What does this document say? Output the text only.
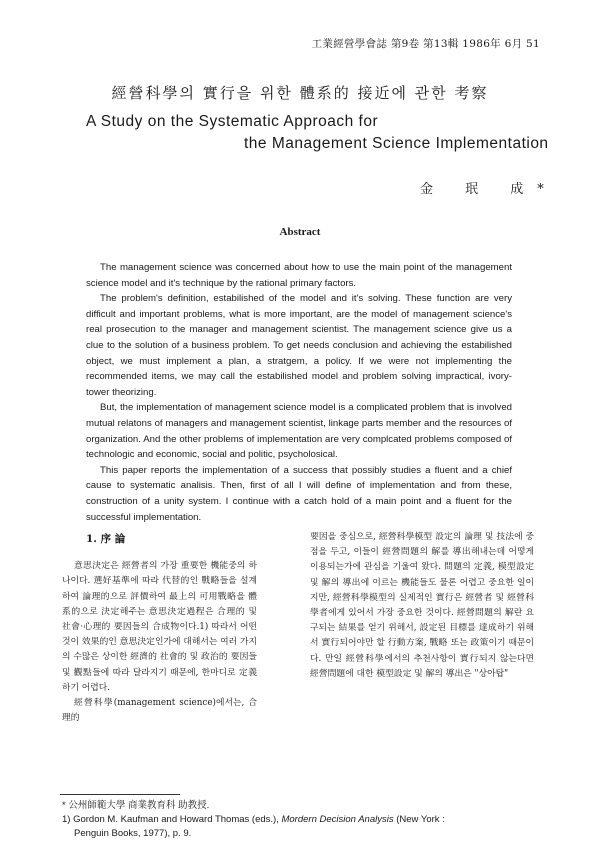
工業經營學會誌 第9卷 第13輯 1986年 6月 51
經營科學의 實行을 위한 體系的 接近에 관한 考察
A Study on the Systematic Approach for
the Management Science Implementation
金 珉 成*
Abstract

The management science was concerned about how to use the main point of the management science model and it's technique by the rational primary factors.

The problem's definition, estabilished of the model and it's solving. These function are very difficult and important problems, what is more important, are the model of management science's real prosecution to the manager and management scientist. The management science give us a clue to the solution of a business problem. To get needs conclusion and achieving the estabilished object, we must implement a plan, a stratgem, a policy. If we were not implementing the recommended items, we may call the estabilished model and problem solving impractical, ivory-tower theorizing.

But, the implementation of management science model is a complicated problem that is involved mutual relatons of managers and management scientist, linkage parts member and the resources of organization. And the other problems of implementation are very complcated problems composed of technologic and economic, social and politic, psycholosical.

This paper reports the implementation of a success that possibly studies a fluent and a chief cause to systematic analisis. Then, first of all I will define of implementation and from these, construction of a unity system. I continue with a catch hold of a main point and a fluent for the successful implementation.

1. 序 論

意思決定은 經營者의 가장 重要한 機能중의 하나이다. 選好基準에 따라 代替的인 戰略들을 설계하여 論理的으로 評價하여 最上의 可用戰略을 體系的으로 決定해주는 意思決定過程은 合理的 및 社會·心理的 要因들의 合成物이다.1) 따라서 어떤 것이 效果的인 意思決定인가에 대해서는 여러 가지의 수많은 상이한 經濟的 社會的 및 政治的 要因들 및 觀點들에 따라 달라지기 때문에, 한마디로 定義하기 어렵다.

經營科學(management science)에서는, 合理的

要因을 중심으로, 經營科學模型 設定의 論理 및 技法에 중점을 두고, 이들이 經營問題의 解를 導出해내는데 어떻게 이용되는가에 관심을 기울여 왔다. 問題의 定義, 模型設定 및 解의 導出에 이르는 機能들도 물론 어렵고 중요한 일이지만, 經營科學模型의 실제적인 實行은 經營者 및 經營科學者에게 있어서 가장 중요한 것이다. 經營問題의 解란 요구되는 結果를 얻기 위해서, 設定된 目標를 達成하기 위해서 實行되어야만 할 行動方案, 戰略 또는 政策이기 때문이다. 만일 經營科學에서의 추천사항이 實行되지 않는다면 經營問題에 대한 模型設定 및 解의 導出은 "상아탑"

* 公州師範大學 商業教育科 助教授.
1) Gordon M. Kaufman and Howard Thomas (eds.), Mordern Decision Analysis (New York :
Penguin Books, 1977), p. 9.
